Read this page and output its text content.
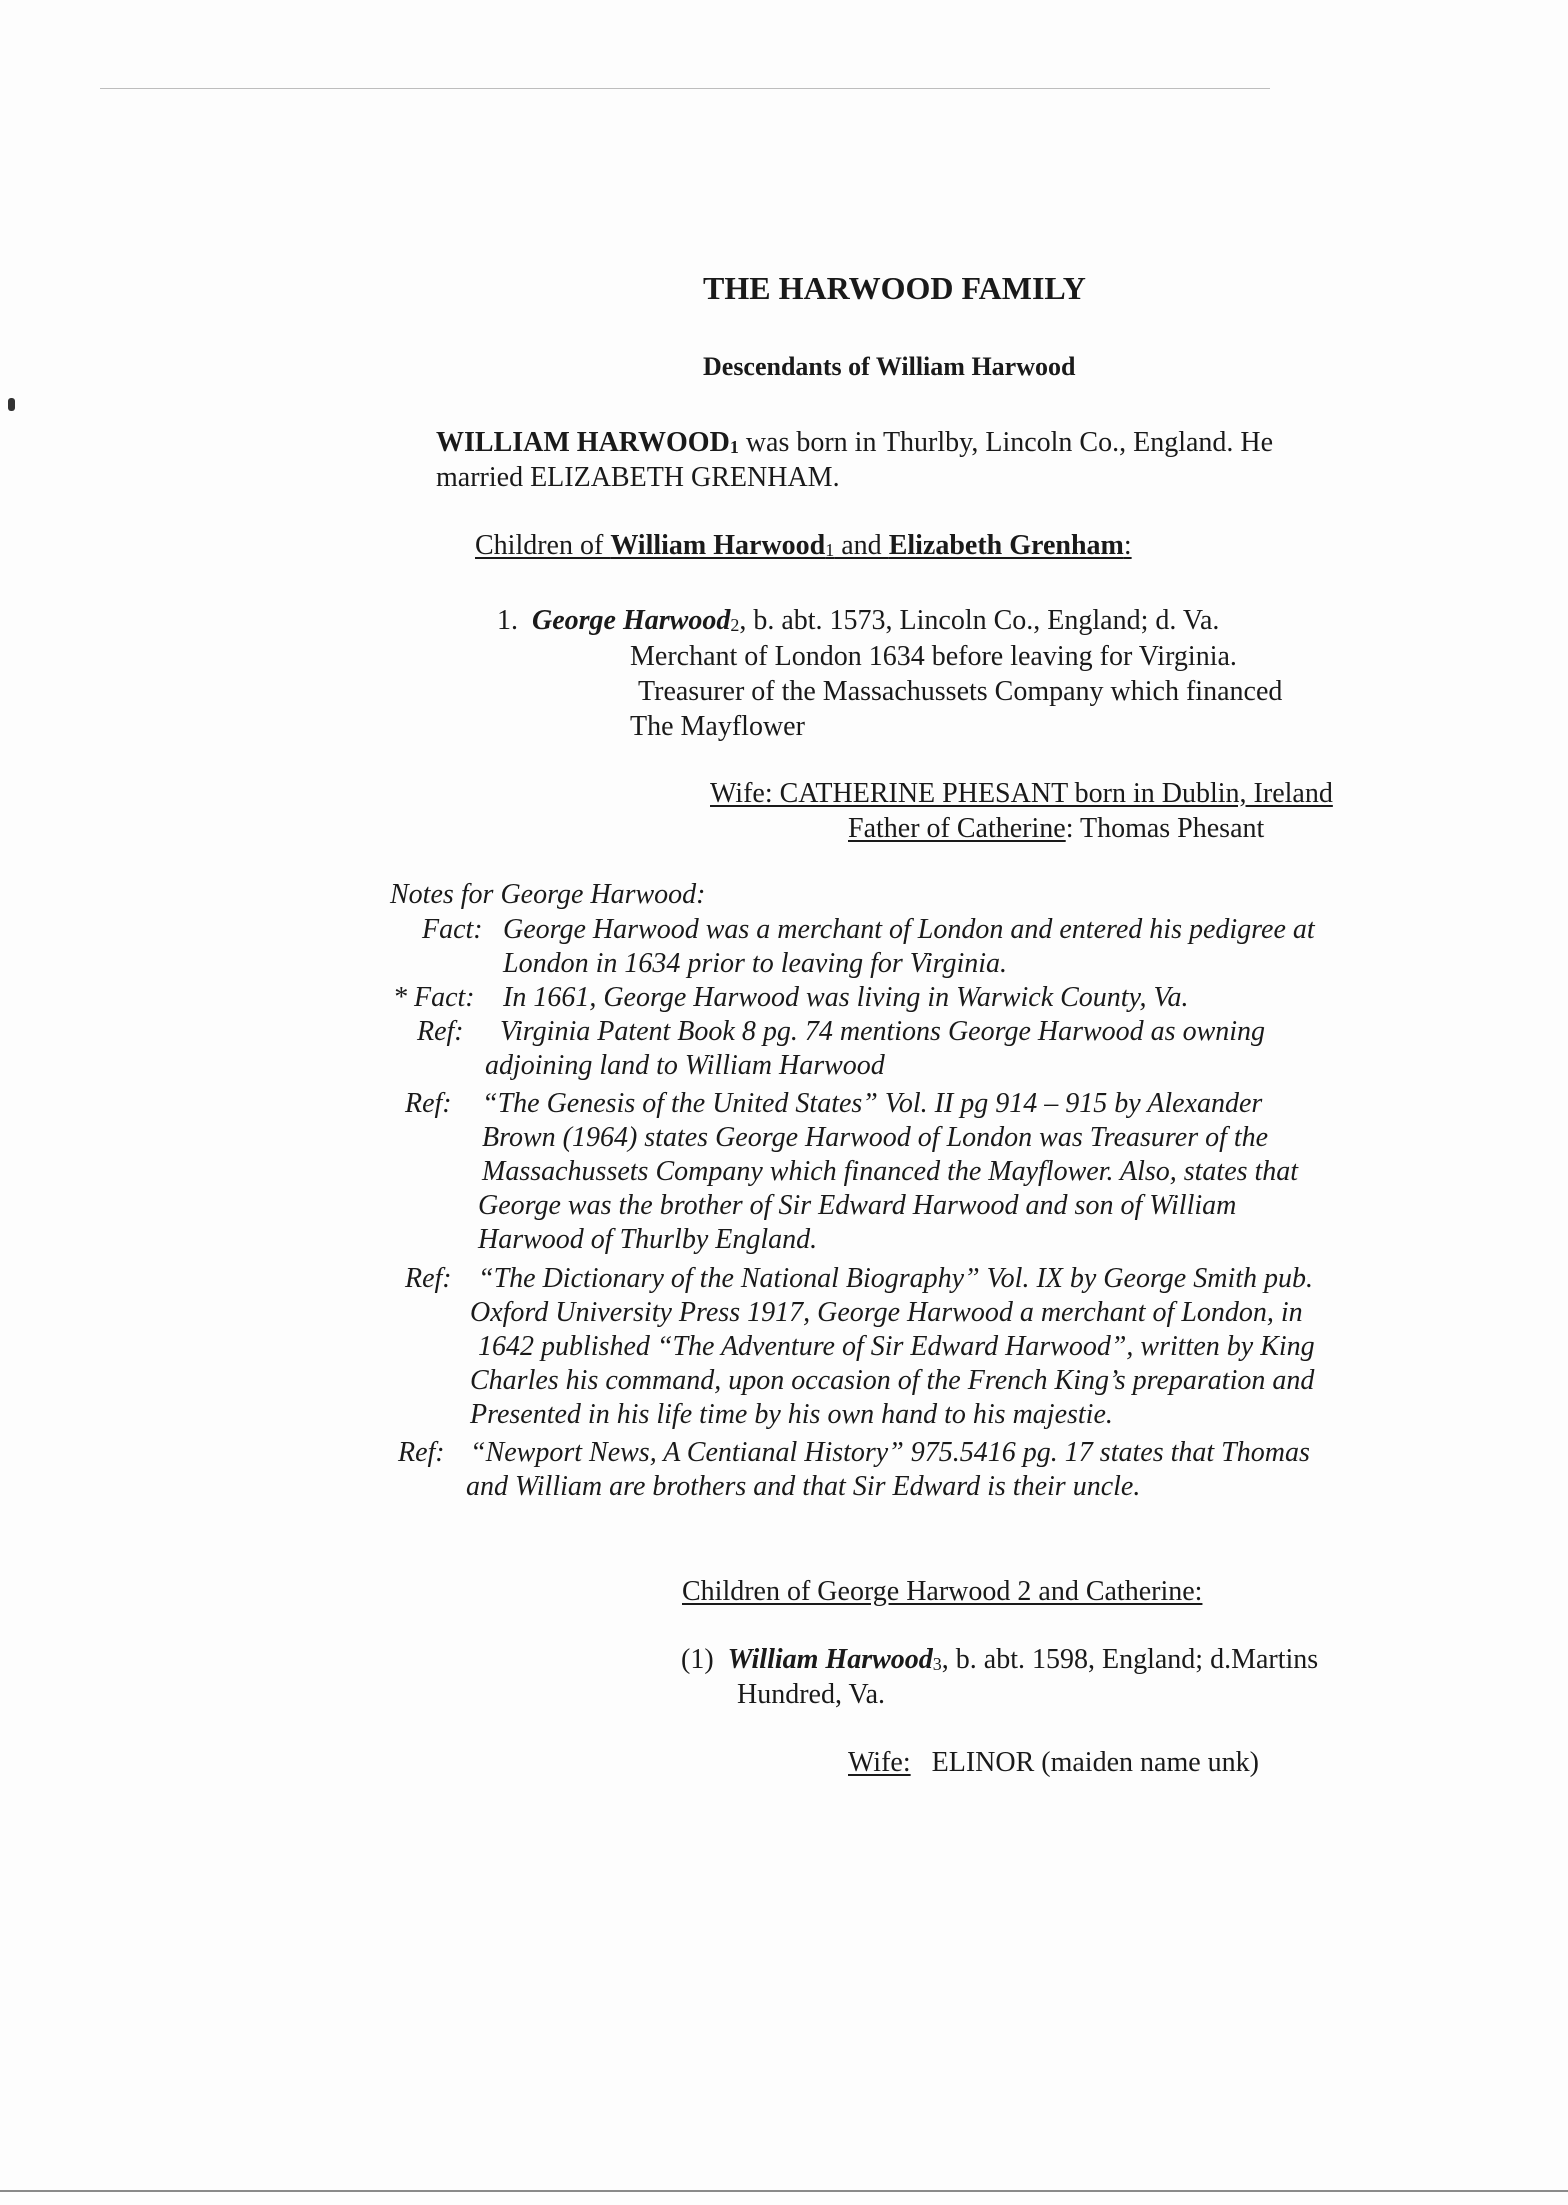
THE HARWOOD FAMILY
Descendants of William Harwood
WILLIAM HARWOOD1 was born in Thurlby, Lincoln Co., England. He
married ELIZABETH GRENHAM.
Children of William Harwood1 and Elizabeth Grenham:
1. George Harwood2, b. abt. 1573, Lincoln Co., England; d. Va.
Merchant of London 1634 before leaving for Virginia.
Treasurer of the Massachussets Company which financed
The Mayflower
Wife: CATHERINE PHESANT born in Dublin, Ireland
Father of Catherine: Thomas Phesant
Notes for George Harwood:
Fact: George Harwood was a merchant of London and entered his pedigree at
London in 1634 prior to leaving for Virginia.
* Fact: In 1661, George Harwood was living in Warwick County, Va.
Ref: Virginia Patent Book 8 pg. 74 mentions George Harwood as owning
adjoining land to William Harwood
Ref: “The Genesis of the United States” Vol. II pg 914 – 915 by Alexander
Brown (1964) states George Harwood of London was Treasurer of the
Massachussets Company which financed the Mayflower. Also, states that
George was the brother of Sir Edward Harwood and son of William
Harwood of Thurlby England.
Ref: “The Dictionary of the National Biography” Vol. IX by George Smith pub.
Oxford University Press 1917, George Harwood a merchant of London, in
1642 published “The Adventure of Sir Edward Harwood”, written by King
Charles his command, upon occasion of the French King’s preparation and
Presented in his life time by his own hand to his majestie.
Ref: “Newport News, A Centianal History” 975.5416 pg. 17 states that Thomas
and William are brothers and that Sir Edward is their uncle.
Children of George Harwood 2 and Catherine:
(1) William Harwood3, b. abt. 1598, England; d.Martins
Hundred, Va.
Wife: ELINOR (maiden name unk)
